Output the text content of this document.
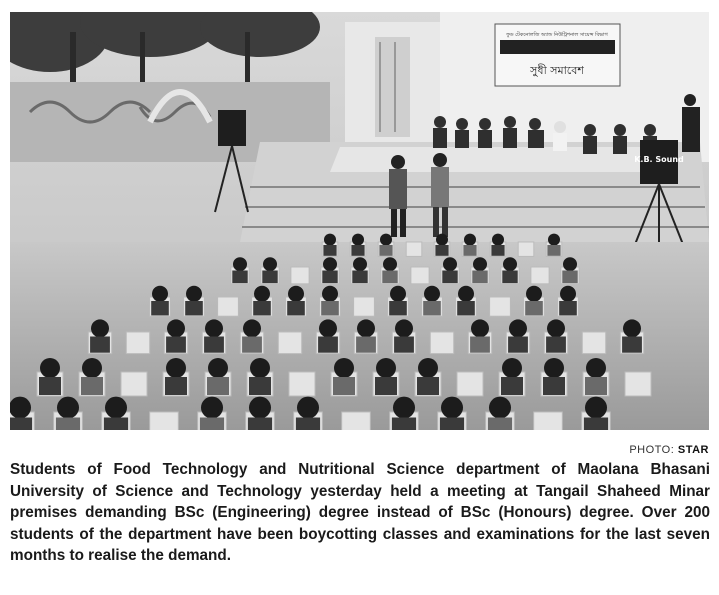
ফুড টেকনোলজি অ্যান্ড নিউট্রিশনাল সায়েন্স বিভাগ
সুধী সমাবেশ
K.B. Sound
PHOTO: STAR
Students of Food Technology and Nutritional Science department of Maolana Bhasani University of Science and Technology yesterday held a meeting at Tangail Shaheed Minar premises demanding BSc (Engineering) degree instead of BSc (Honours) degree. Over 200 students of the department have been boycotting classes and examinations for the last seven months to realise the demand.
